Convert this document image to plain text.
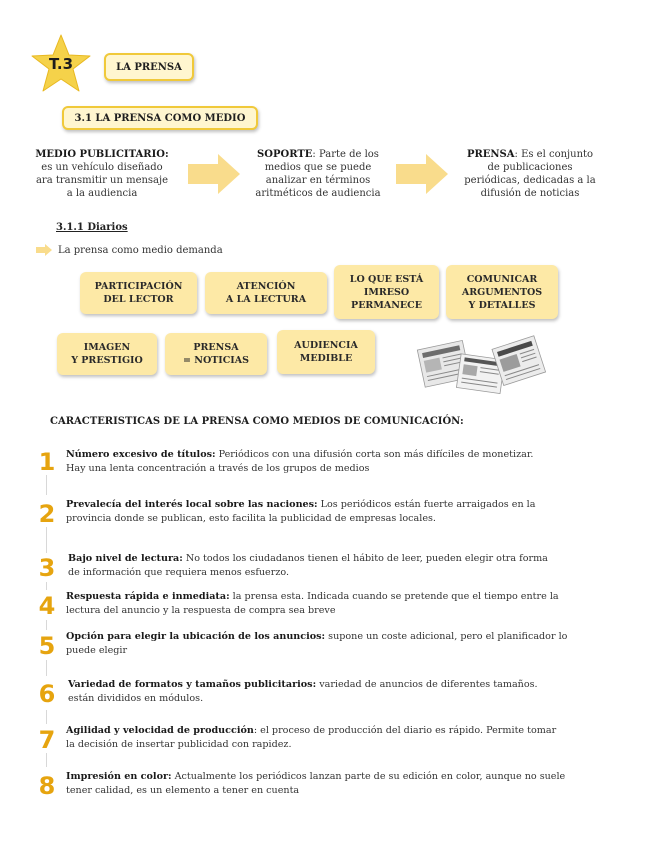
T.3	LA PRENSA
3.1 LA PRENSA COMO MEDIO
MEDIO PUBLICITARIO:
es un vehículo diseñado
ara transmitir un mensaje
a la audiencia
SOPORTE: Parte de los
medios que se puede
analizar en términos
aritméticos de audiencia
PRENSA: Es el conjunto
de publicaciones
periódicas, dedicadas a la
difusión de noticias
3.1.1 Diarios
La prensa como medio demanda
PARTICIPACIÓN
DEL LECTOR
ATENCIÓN
A LA LECTURA
LO QUE ESTÁ
IMRESO
PERMANECE
COMUNICAR
ARGUMENTOS
Y DETALLES
IMAGEN
Y PRESTIGIO
PRENSA
= NOTICIAS
AUDIENCIA
MEDIBLE
CARACTERISTICAS DE LA PRENSA COMO MEDIOS DE COMUNICACIÓN:
1 Número excesivo de títulos: Periódicos con una difusión corta son más difíciles de monetizar.
Hay una lenta concentración a través de los grupos de medios
2 Prevalecía del interés local sobre las naciones: Los periódicos están fuerte arraigados en la
provincia donde se publican, esto facilita la publicidad de empresas locales.
3 Bajo nivel de lectura: No todos los ciudadanos tienen el hábito de leer, pueden elegir otra forma
de información que requiera menos esfuerzo.
4 Respuesta rápida e inmediata: la prensa esta. Indicada cuando se pretende que el tiempo entre la
lectura del anuncio y la respuesta de compra sea breve
5 Opción para elegir la ubicación de los anuncios: supone un coste adicional, pero el planificador lo
puede elegir
6 Variedad de formatos y tamaños publicitarios: variedad de anuncios de diferentes tamaños.
están divididos en módulos.
7 Agilidad y velocidad de producción: el proceso de producción del diario es rápido. Permite tomar
la decisión de insertar publicidad con rapidez.
8 Impresión en color: Actualmente los periódicos lanzan parte de su edición en color, aunque no suele
tener calidad, es un elemento a tener en cuenta
